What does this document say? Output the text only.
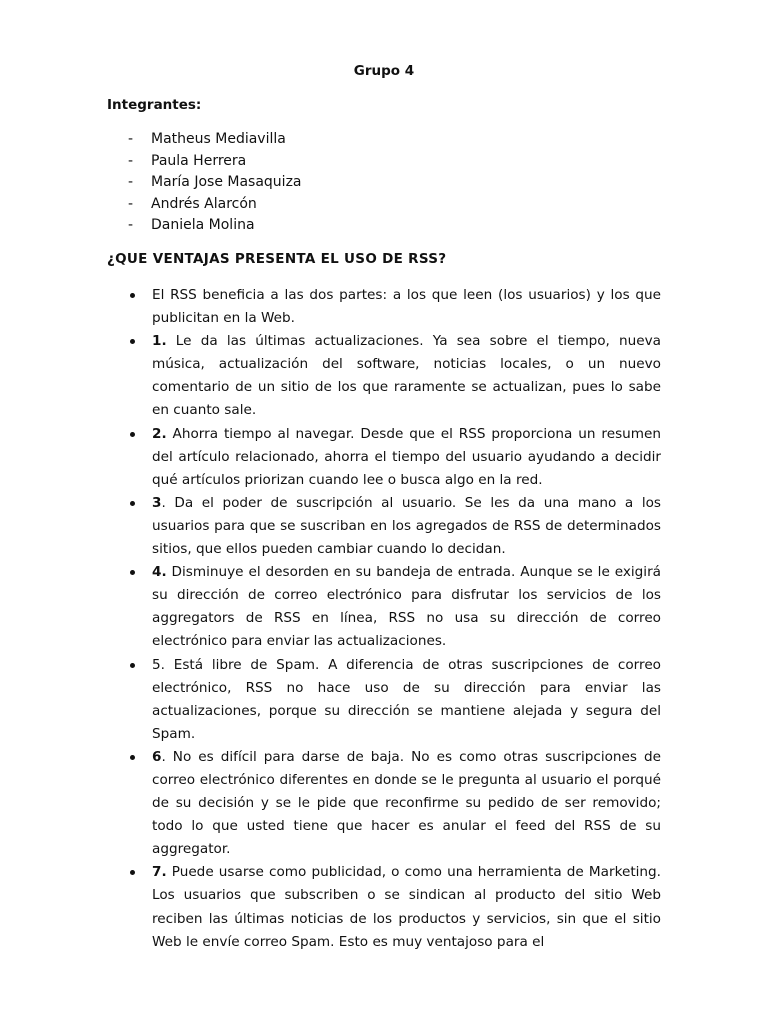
Grupo 4
Integrantes:
-	Matheus Mediavilla
-	Paula Herrera
-	María Jose Masaquiza
-	Andrés Alarcón
-	Daniela Molina
¿QUE VENTAJAS PRESENTA EL USO DE RSS?
El RSS beneficia a las dos partes: a los que leen (los usuarios) y los que publicitan en la Web.
1. Le da las últimas actualizaciones. Ya sea sobre el tiempo, nueva música, actualización del software, noticias locales, o un nuevo comentario de un sitio de los que raramente se actualizan, pues lo sabe en cuanto sale.
2. Ahorra tiempo al navegar. Desde que el RSS proporciona un resumen del artículo relacionado, ahorra el tiempo del usuario ayudando a decidir qué artículos priorizan cuando lee o busca algo en la red.
3. Da el poder de suscripción al usuario. Se les da una mano a los usuarios para que se suscriban en los agregados de RSS de determinados sitios, que ellos pueden cambiar cuando lo decidan.
4. Disminuye el desorden en su bandeja de entrada. Aunque se le exigirá su dirección de correo electrónico para disfrutar los servicios de los aggregators de RSS en línea, RSS no usa su dirección de correo electrónico para enviar las actualizaciones.
5. Está libre de Spam. A diferencia de otras suscripciones de correo electrónico, RSS no hace uso de su dirección para enviar las actualizaciones, porque su dirección se mantiene alejada y segura del Spam.
6. No es difícil para darse de baja. No es como otras suscripciones de correo electrónico diferentes en donde se le pregunta al usuario el porqué de su decisión y se le pide que reconfirme su pedido de ser removido; todo lo que usted tiene que hacer es anular el feed del RSS de su aggregator.
7. Puede usarse como publicidad, o como una herramienta de Marketing. Los usuarios que subscriben o se sindican al producto del sitio Web reciben las últimas noticias de los productos y servicios, sin que el sitio Web le envíe correo Spam. Esto es muy ventajoso para el
